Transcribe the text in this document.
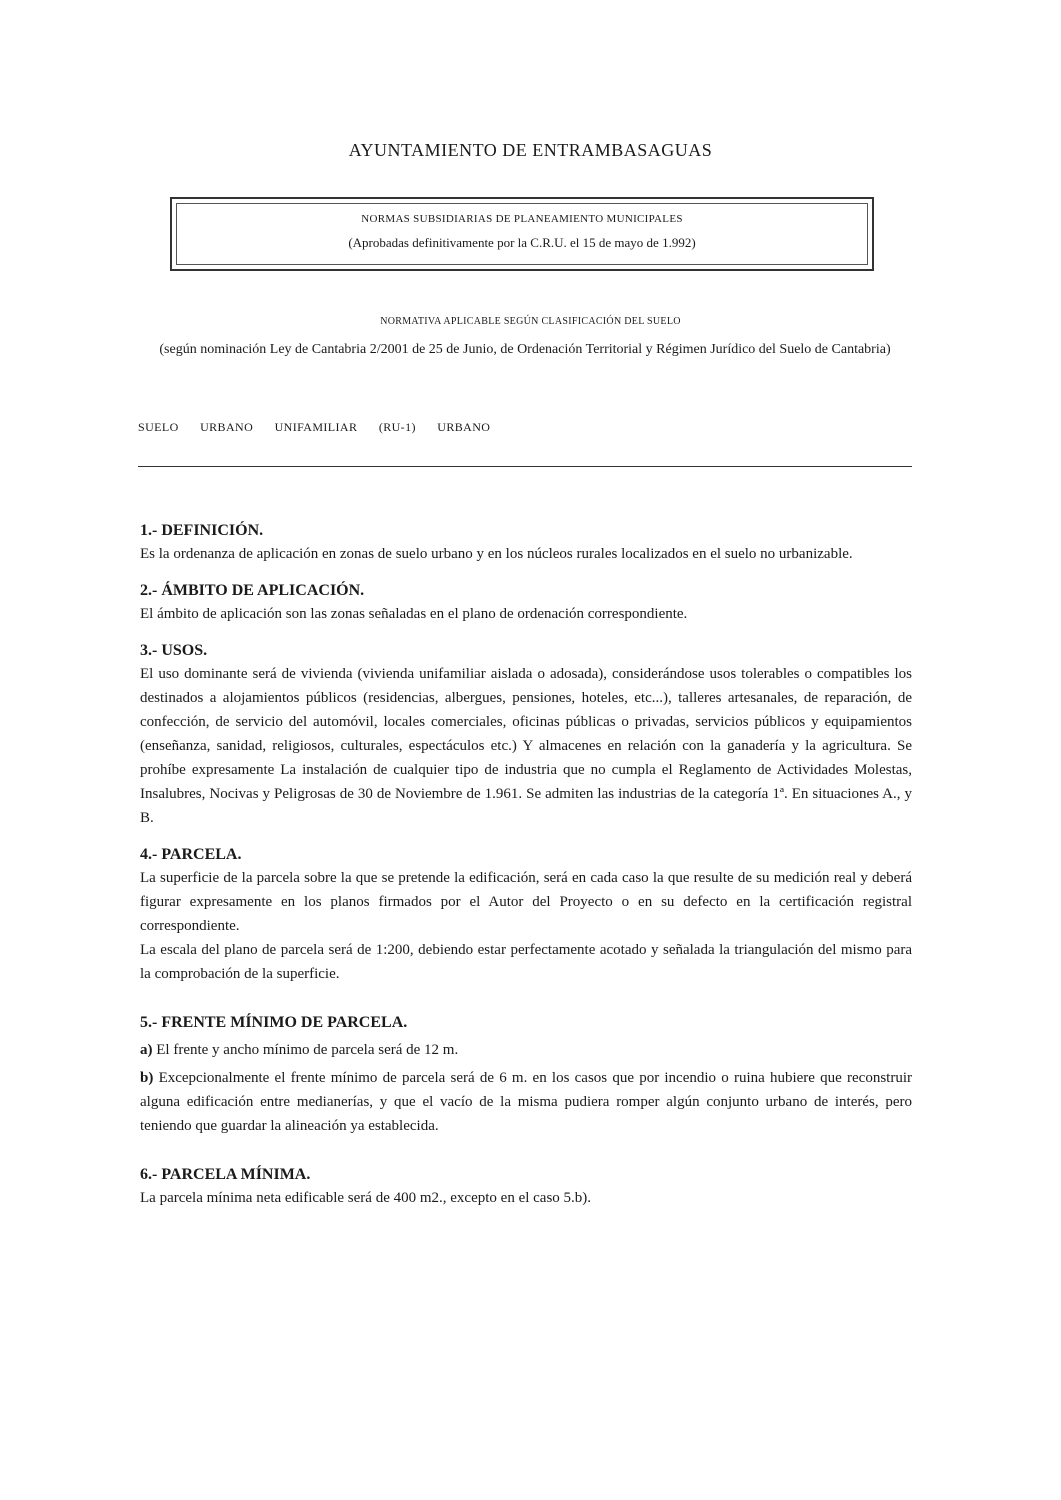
AYUNTAMIENTO DE ENTRAMBASAGUAS
NORMAS SUBSIDIARIAS DE PLANEAMIENTO MUNICIPALES
(Aprobadas definitivamente por la C.R.U. el 15 de mayo de 1.992)
NORMATIVA APLICABLE SEGÚN CLASIFICACIÓN DEL SUELO
(según nominación Ley de Cantabria 2/2001 de 25 de Junio, de Ordenación Territorial y Régimen Jurídico del Suelo de Cantabria)
SUELO URBANO UNIFAMILIAR (RU-1) URBANO
1.- DEFINICIÓN.

Es la ordenanza de aplicación en zonas de suelo urbano y en los núcleos rurales localizados en el suelo no urbanizable.

2.- ÁMBITO DE APLICACIÓN.

El ámbito de aplicación son las zonas señaladas en el plano de ordenación correspondiente.

3.- USOS.

El uso dominante será de vivienda (vivienda unifamiliar aislada o adosada), considerándose usos tolerables o compatibles los destinados a alojamientos públicos (residencias, albergues, pensiones, hoteles, etc...), talleres artesanales, de reparación, de confección, de servicio del automóvil, locales comerciales, oficinas públicas o privadas, servicios públicos y equipamientos (enseñanza, sanidad, religiosos, culturales, espectáculos etc.) Y almacenes en relación con la ganadería y la agricultura. Se prohíbe expresamente La instalación de cualquier tipo de industria que no cumpla el Reglamento de Actividades Molestas, Insalubres, Nocivas y Peligrosas de 30 de Noviembre de 1.961. Se admiten las industrias de la categoría 1ª. En situaciones A., y B.

4.- PARCELA.

La superficie de la parcela sobre la que se pretende la edificación, será en cada caso la que resulte de su medición real y deberá figurar expresamente en los planos firmados por el Autor del Proyecto o en su defecto en la certificación registral correspondiente.

La escala del plano de parcela será de 1:200, debiendo estar perfectamente acotado y señalada la triangulación del mismo para la comprobación de la superficie.

5.- FRENTE MÍNIMO DE PARCELA.

a) El frente y ancho mínimo de parcela será de 12 m.

b) Excepcionalmente el frente mínimo de parcela será de 6 m. en los casos que por incendio o ruina hubiere que reconstruir alguna edificación entre medianerías, y que el vacío de la misma pudiera romper algún conjunto urbano de interés, pero teniendo que guardar la alineación ya establecida.

6.- PARCELA MÍNIMA.

La parcela mínima neta edificable será de 400 m2., excepto en el caso 5.b).
